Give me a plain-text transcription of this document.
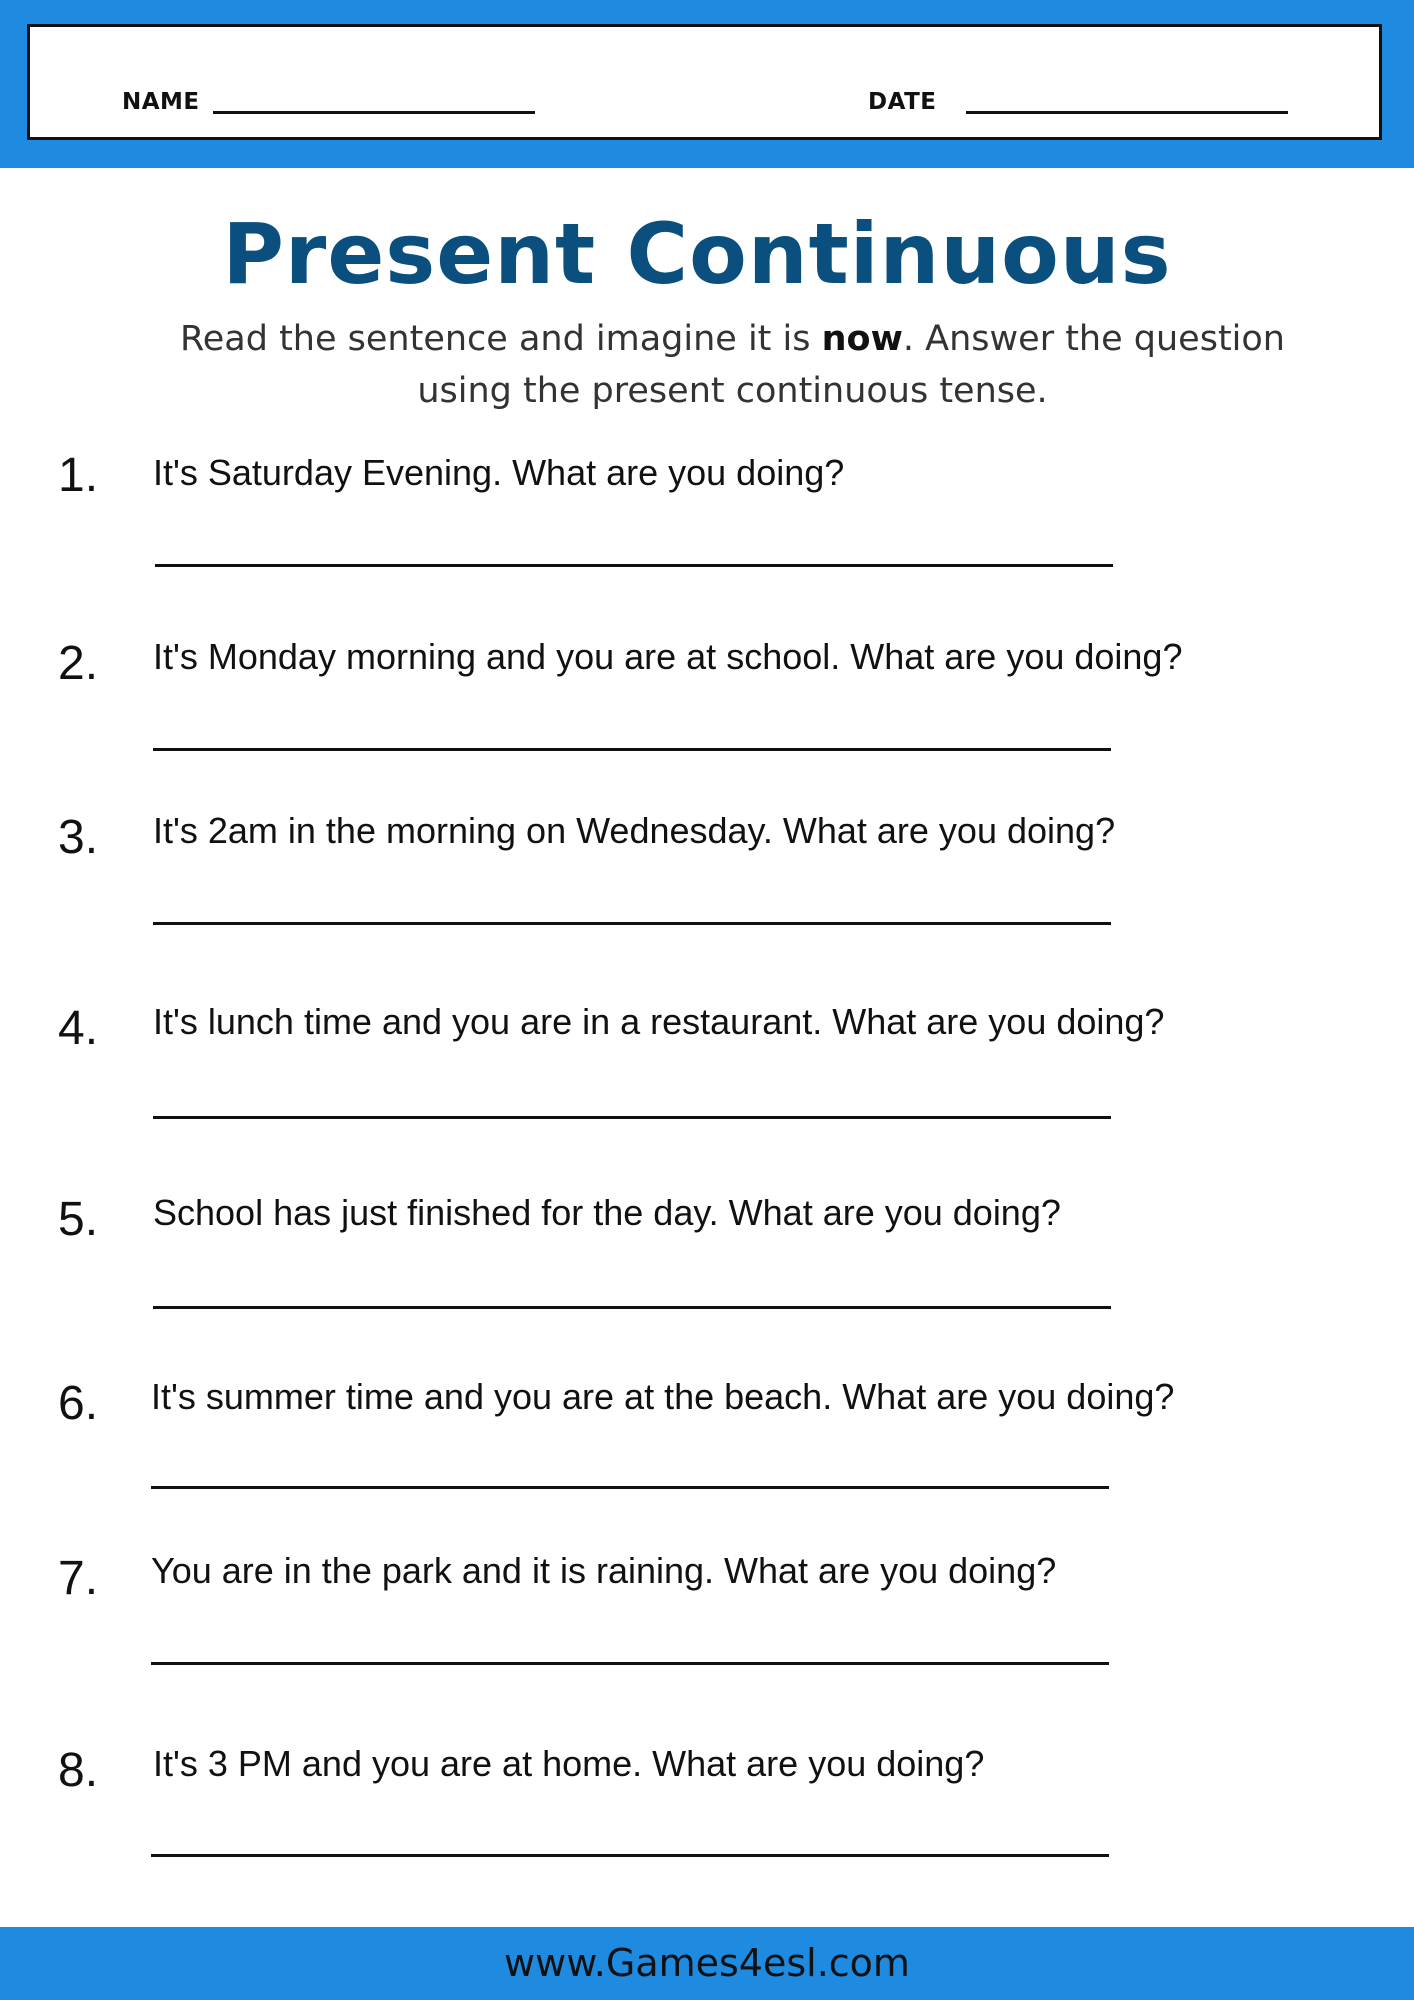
NAME	DATE
Present Continuous
Read the sentence and imagine it is now. Answer the question using the present continuous tense.
1. It's Saturday Evening. What are you doing?
2. It's Monday morning and you are at school. What are you doing?
3. It's 2am in the morning on Wednesday. What are you doing?
4. It's lunch time and you are in a restaurant. What are you doing?
5. School has just finished for the day. What are you doing?
6. It's summer time and you are at the beach. What are you doing?
7. You are in the park and it is raining. What are you doing?
8. It's 3 PM and you are at home. What are you doing?
www.Games4esl.com
